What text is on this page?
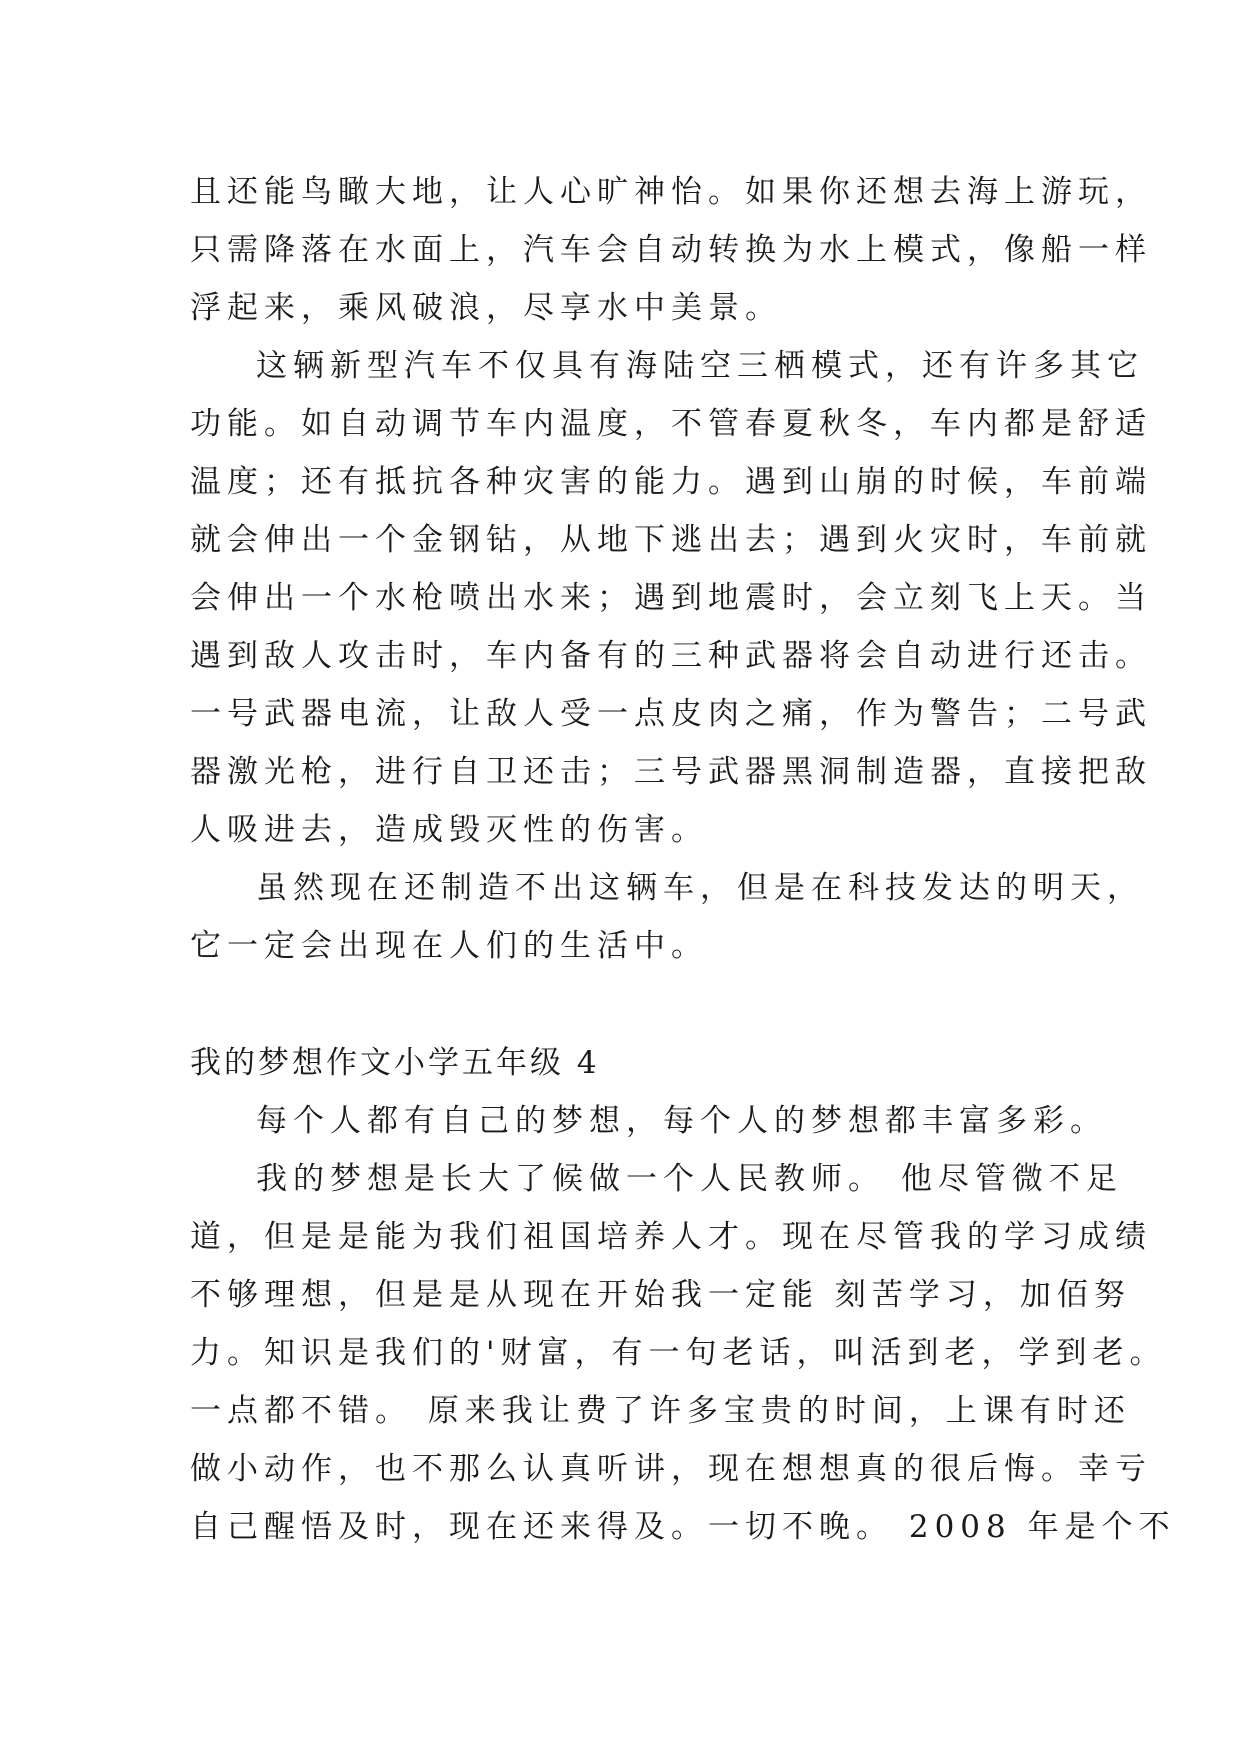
且还能鸟瞰大地，让人心旷神怡。如果你还想去海上游玩，
只需降落在水面上，汽车会自动转换为水上模式，像船一样
浮起来，乘风破浪，尽享水中美景。
这辆新型汽车不仅具有海陆空三栖模式，还有许多其它
功能。如自动调节车内温度，不管春夏秋冬，车内都是舒适
温度；还有抵抗各种灾害的能力。遇到山崩的时候，车前端
就会伸出一个金钢钻，从地下逃出去；遇到火灾时，车前就
会伸出一个水枪喷出水来；遇到地震时，会立刻飞上天。当
遇到敌人攻击时，车内备有的三种武器将会自动进行还击。
一号武器电流，让敌人受一点皮肉之痛，作为警告；二号武
器激光枪，进行自卫还击；三号武器黑洞制造器，直接把敌
人吸进去，造成毁灭性的伤害。
虽然现在还制造不出这辆车，但是在科技发达的明天，
它一定会出现在人们的生活中。
我的梦想作文小学五年级 4
每个人都有自己的梦想，每个人的梦想都丰富多彩。
我的梦想是长大了候做一个人民教师。 他尽管微不足
道，但是是能为我们祖国培养人才。现在尽管我的学习成绩
不够理想，但是是从现在开始我一定能 刻苦学习，加佰努
力。知识是我们的'财富，有一句老话，叫活到老，学到老。
一点都不错。 原来我让费了许多宝贵的时间，上课有时还
做小动作，也不那么认真听讲，现在想想真的很后悔。幸亏
自己醒悟及时，现在还来得及。一切不晚。 2008 年是个不
